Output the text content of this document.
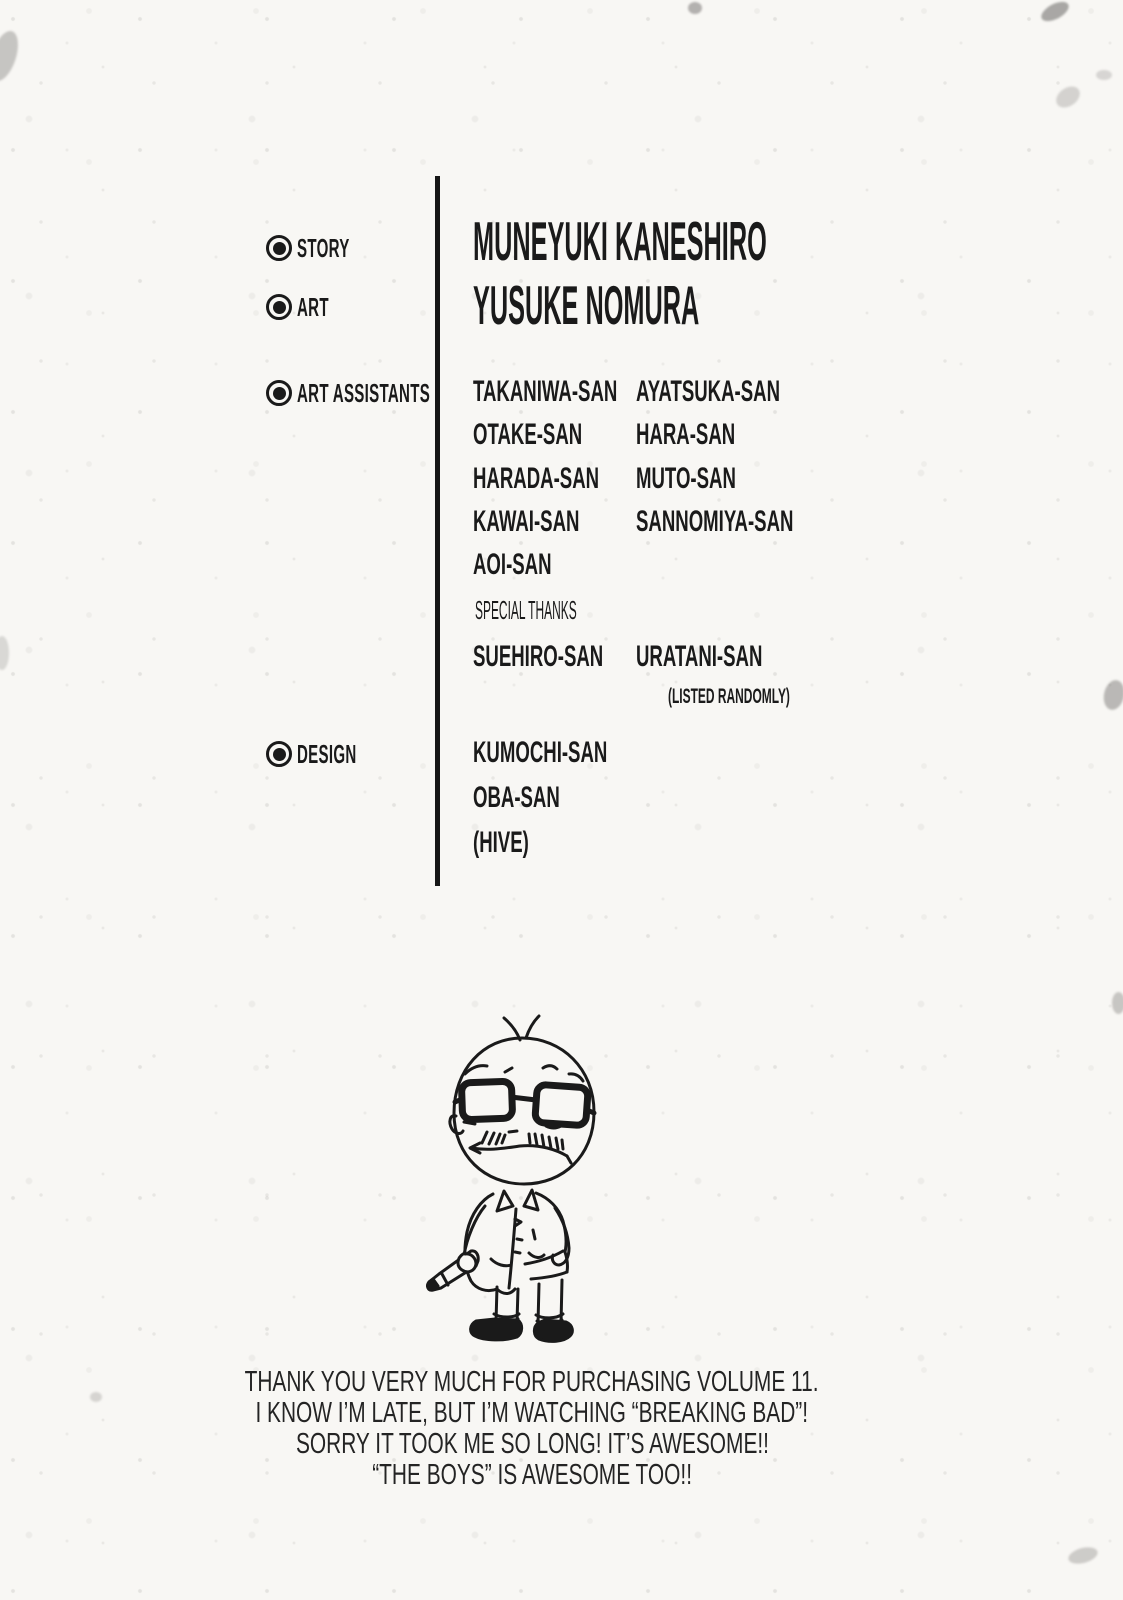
STORY
ART
ART ASSISTANTS
DESIGN
MUNEYUKI KANESHIRO
YUSUKE NOMURA
TAKANIWA-SAN
OTAKE-SAN
HARADA-SAN
KAWAI-SAN
AOI-SAN
AYATSUKA-SAN
HARA-SAN
MUTO-SAN
SANNOMIYA-SAN
SPECIAL THANKS
SUEHIRO-SAN	URATANI-SAN
(LISTED RANDOMLY)
KUMOCHI-SAN
OBA-SAN
(HIVE)
THANK YOU VERY MUCH FOR PURCHASING VOLUME 11.
I KNOW I’M LATE, BUT I’M WATCHING “BREAKING BAD”!
SORRY IT TOOK ME SO LONG! IT’S AWESOME!!
“THE BOYS” IS AWESOME TOO!!
